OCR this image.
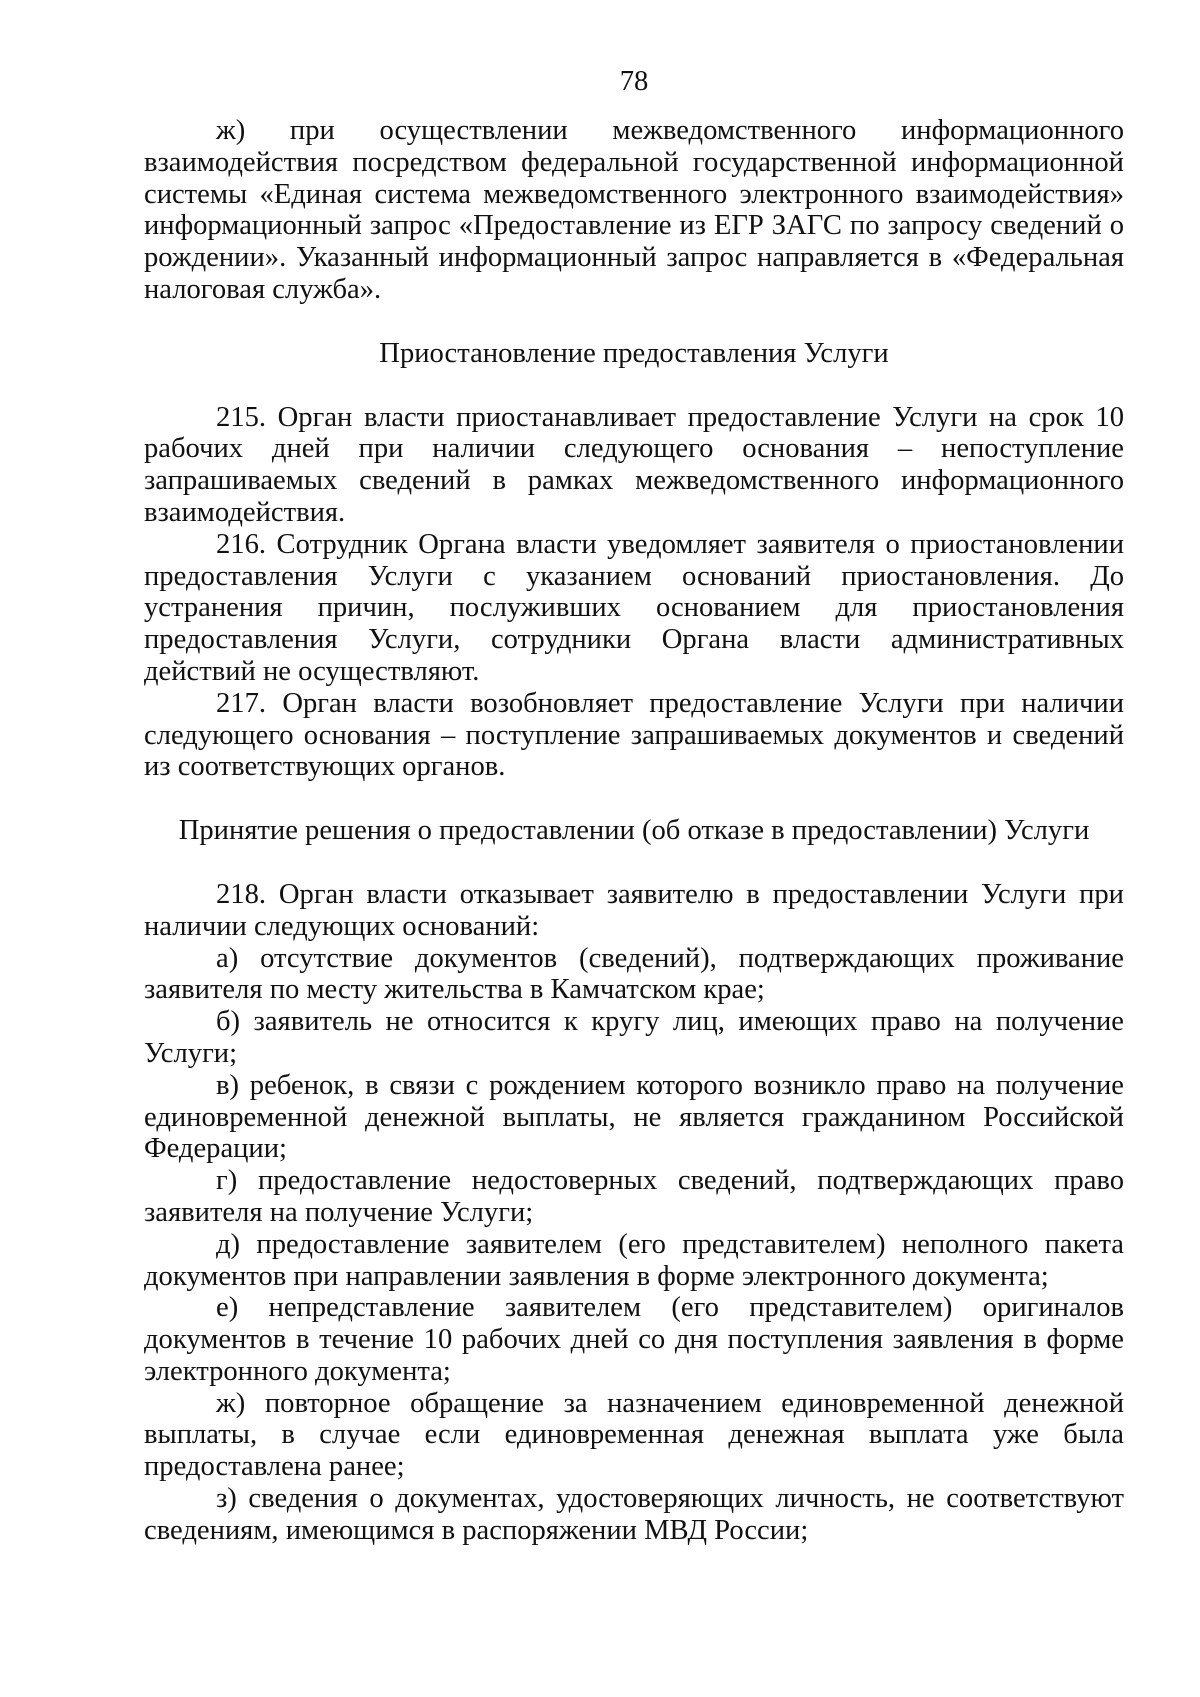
78

ж) при осуществлении межведомственного информационного взаимодействия посредством федеральной государственной информационной системы «Единая система межведомственного электронного взаимодействия» информационный запрос «Предоставление из ЕГР ЗАГС по запросу сведений о рождении». Указанный информационный запрос направляется в «Федеральная налоговая служба».

Приостановление предоставления Услуги

215. Орган власти приостанавливает предоставление Услуги на срок 10 рабочих дней при наличии следующего основания – непоступление запрашиваемых сведений в рамках межведомственного информационного взаимодействия.

216. Сотрудник Органа власти уведомляет заявителя о приостановлении предоставления Услуги с указанием оснований приостановления. До устранения причин, послуживших основанием для приостановления предоставления Услуги, сотрудники Органа власти административных действий не осуществляют.

217. Орган власти возобновляет предоставление Услуги при наличии следующего основания – поступление запрашиваемых документов и сведений из соответствующих органов.

Принятие решения о предоставлении (об отказе в предоставлении) Услуги

218. Орган власти отказывает заявителю в предоставлении Услуги при наличии следующих оснований:

а) отсутствие документов (сведений), подтверждающих проживание заявителя по месту жительства в Камчатском крае;

б) заявитель не относится к кругу лиц, имеющих право на получение Услуги;

в) ребенок, в связи с рождением которого возникло право на получение единовременной денежной выплаты, не является гражданином Российской Федерации;

г) предоставление недостоверных сведений, подтверждающих право заявителя на получение Услуги;

д) предоставление заявителем (его представителем) неполного пакета документов при направлении заявления в форме электронного документа;

е) непредставление заявителем (его представителем) оригиналов документов в течение 10 рабочих дней со дня поступления заявления в форме электронного документа;

ж) повторное обращение за назначением единовременной денежной выплаты, в случае если единовременная денежная выплата уже была предоставлена ранее;

з) сведения о документах, удостоверяющих личность, не соответствуют сведениям, имеющимся в распоряжении МВД России;
